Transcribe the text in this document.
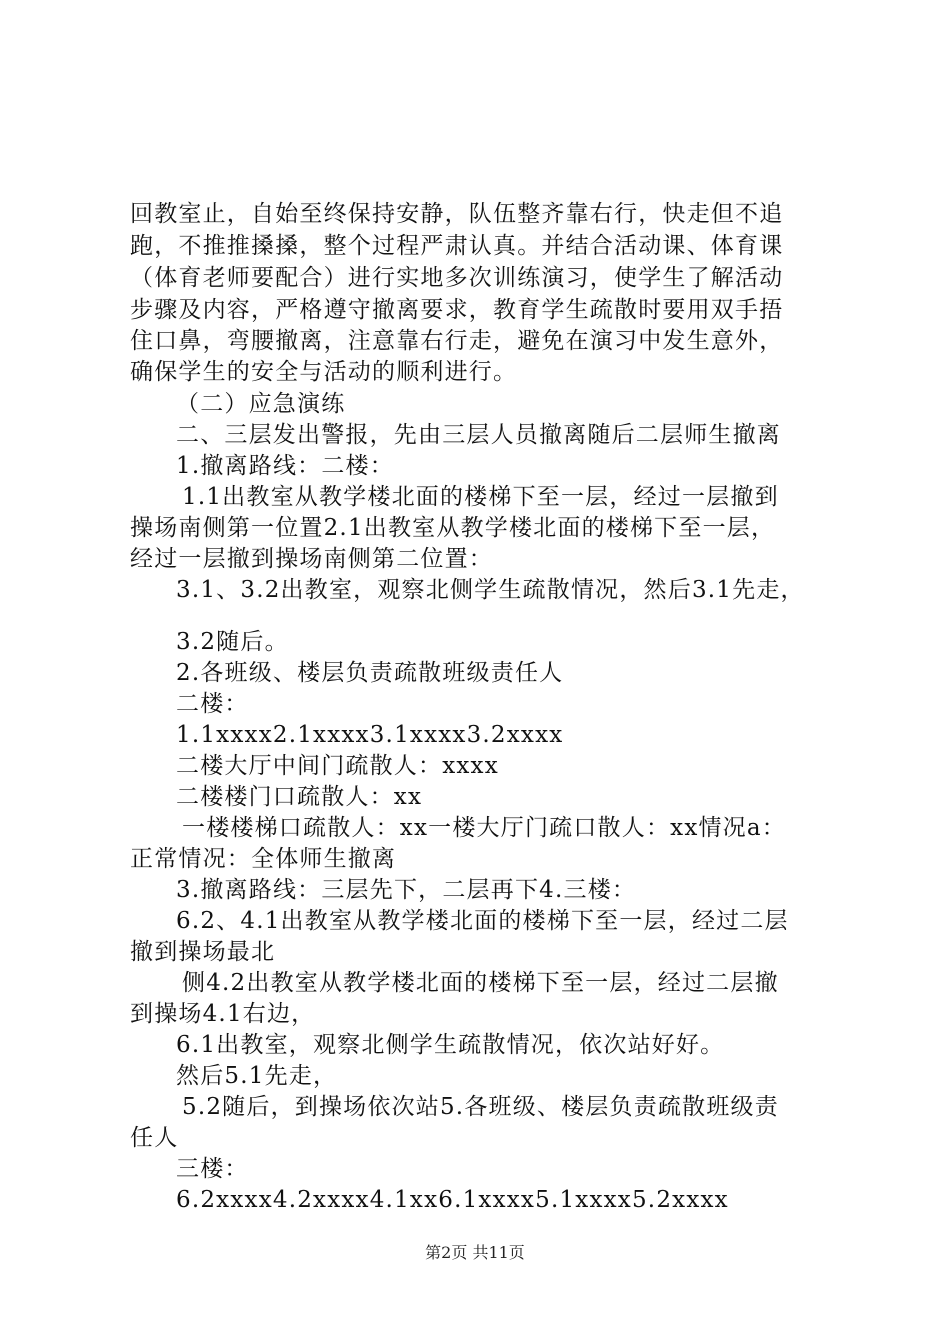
回教室止，自始至终保持安静，队伍整齐靠右行，快走但不追

跑，不推推搡搡，整个过程严肃认真。并结合活动课、体育课

（体育老师要配合）进行实地多次训练演习，使学生了解活动

步骤及内容，严格遵守撤离要求，教育学生疏散时要用双手捂

住口鼻，弯腰撤离，注意靠右行走，避免在演习中发生意外，

确保学生的安全与活动的顺利进行。

（二）应急演练

二、三层发出警报，先由三层人员撤离随后二层师生撤离

1.撤离路线：二楼：

1.1出教室从教学楼北面的楼梯下至一层，经过一层撤到

操场南侧第一位置2.1出教室从教学楼北面的楼梯下至一层，

经过一层撤到操场南侧第二位置：

3.1、3.2出教室，观察北侧学生疏散情况，然后3.1先走，

3.2随后。

2.各班级、楼层负责疏散班级责任人

二楼：

1.1xxxx2.1xxxx3.1xxxx3.2xxxx

二楼大厅中间门疏散人：xxxx

二楼楼门口疏散人：xx

一楼楼梯口疏散人：xx一楼大厅门疏口散人：xx情况a：

正常情况：全体师生撤离

3.撤离路线：三层先下，二层再下4.三楼：

6.2、4.1出教室从教学楼北面的楼梯下至一层，经过二层

撤到操场最北

侧4.2出教室从教学楼北面的楼梯下至一层，经过二层撤

到操场4.1右边，

6.1出教室，观察北侧学生疏散情况，依次站好好。

然后5.1先走，

5.2随后，到操场依次站5.各班级、楼层负责疏散班级责

任人

三楼：

6.2xxxx4.2xxxx4.1xx6.1xxxx5.1xxxx5.2xxxx

第2页 共11页
